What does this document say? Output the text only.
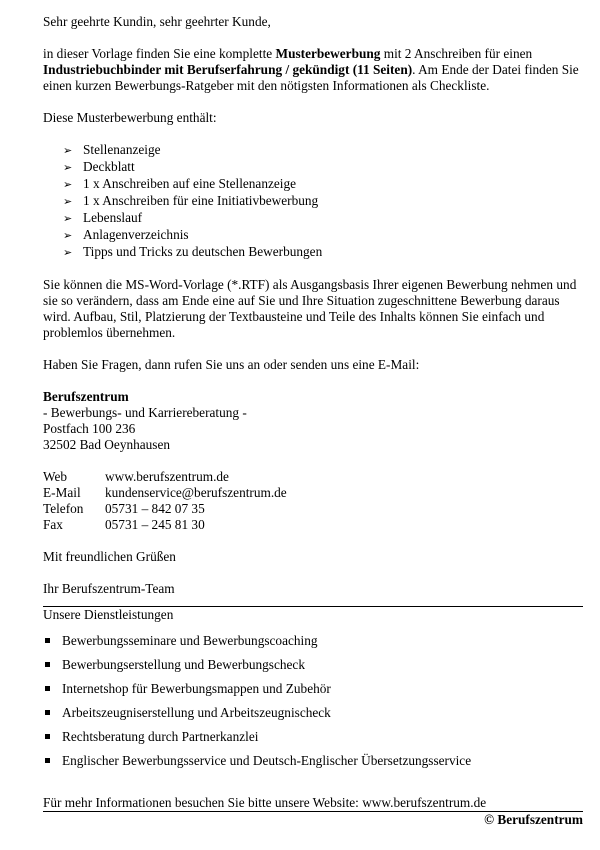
Sehr geehrte Kundin, sehr geehrter Kunde,

in dieser Vorlage finden Sie eine komplette Musterbewerbung mit 2 Anschreiben für einen Industriebuchbinder mit Berufserfahrung / gekündigt (11 Seiten). Am Ende der Datei finden Sie einen kurzen Bewerbungs-Ratgeber mit den nötigsten Informationen als Checkliste.

Diese Musterbewerbung enthält:

➢ Stellenanzeige
➢ Deckblatt
➢ 1 x Anschreiben auf eine Stellenanzeige
➢ 1 x Anschreiben für eine Initiativbewerbung
➢ Lebenslauf
➢ Anlagenverzeichnis
➢ Tipps und Tricks zu deutschen Bewerbungen

Sie können die MS-Word-Vorlage (*.RTF) als Ausgangsbasis Ihrer eigenen Bewerbung nehmen und sie so verändern, dass am Ende eine auf Sie und Ihre Situation zugeschnittene Bewerbung daraus wird. Aufbau, Stil, Platzierung der Textbausteine und Teile des Inhalts können Sie einfach und problemlos übernehmen.

Haben Sie Fragen, dann rufen Sie uns an oder senden uns eine E-Mail:

Berufszentrum

- Bewerbungs- und Karriereberatung -

Postfach 100 236

32502 Bad Oeynhausen

Web	www.berufszentrum.de
E-Mail	kundenservice@berufszentrum.de
Telefon	05731 – 842 07 35
Fax	05731 – 245 81 30

Mit freundlichen Grüßen

Ihr Berufszentrum-Team

Unsere Dienstleistungen

Bewerbungsseminare und Bewerbungscoaching
Bewerbungserstellung und Bewerbungscheck
Internetshop für Bewerbungsmappen und Zubehör
Arbeitszeugniserstellung und Arbeitszeugnischeck
Rechtsberatung durch Partnerkanzlei
Englischer Bewerbungsservice und Deutsch-Englischer Übersetzungsservice

Für mehr Informationen besuchen Sie bitte unsere Website: www.berufszentrum.de

© Berufszentrum
